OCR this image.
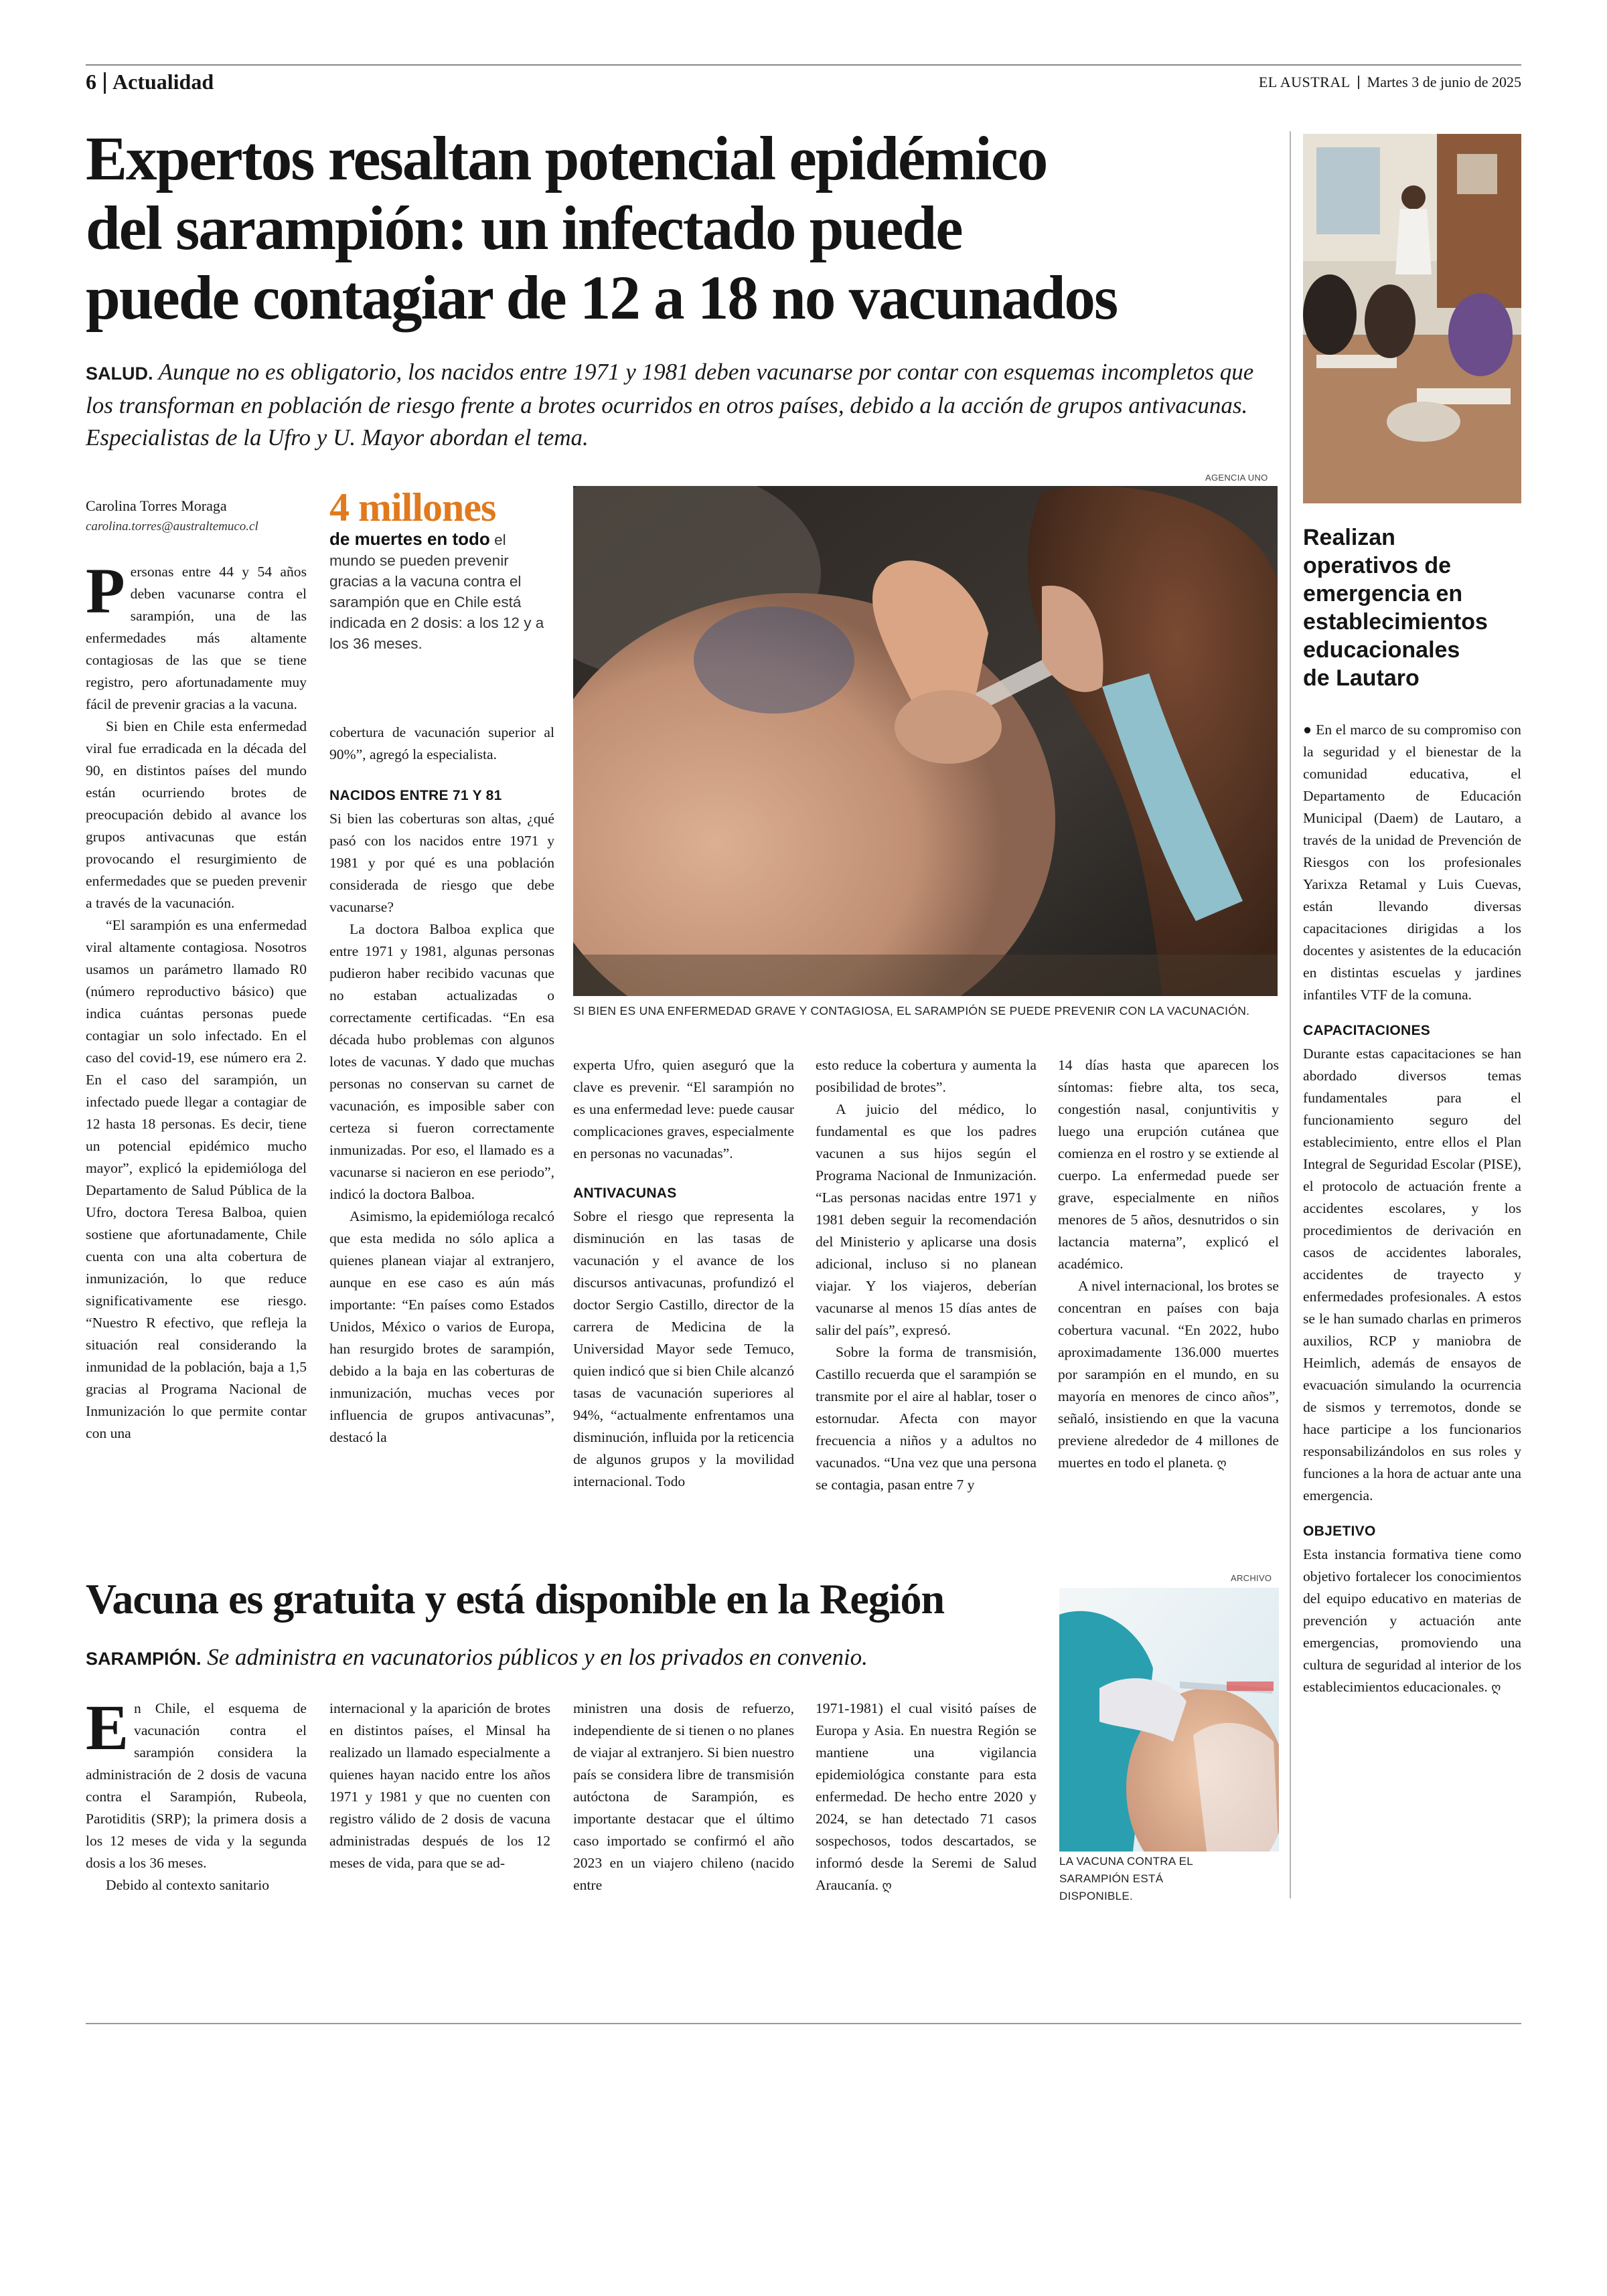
6 Actualidad	EL AUSTRAL Martes 3 de junio de 2025
Expertos resaltan potencial epidémico
del sarampión: un infectado puede
puede contagiar de 12 a 18 no vacunados
SALUD. Aunque no es obligatorio, los nacidos entre 1971 y 1981 deben vacunarse por contar con esquemas incompletos que los transforman en población de riesgo frente a brotes ocurridos en otros países, debido a la acción de grupos antivacunas. Especialistas de la Ufro y U. Mayor abordan el tema.
Carolina Torres Moraga
carolina.torres@australtemuco.cl	4 millones
de muertes en todo el mundo se pueden prevenir gracias a la vacuna contra el sarampión que en Chile está indicada en 2 dosis: a los 12 y a los 36 meses.
AGENCIA UNO
SI BIEN ES UNA ENFERMEDAD GRAVE Y CONTAGIOSA, EL SARAMPIÓN SE PUEDE PREVENIR CON LA VACUNACIÓN.

Personas entre 44 y 54 años deben vacunarse contra el sarampión, una de las enfermedades más altamente contagiosas de las que se tiene registro, pero afortunadamente muy fácil de prevenir gracias a la vacuna.

Si bien en Chile esta enfermedad viral fue erradicada en la década del 90, en distintos países del mundo están ocurriendo brotes de preocupación debido al avance los grupos antivacunas que están provocando el resurgimiento de enfermedades que se pueden prevenir a través de la vacunación.

“El sarampión es una enfermedad viral altamente contagiosa. Nosotros usamos un parámetro llamado R0 (número reproductivo básico) que indica cuántas personas puede contagiar un solo infectado. En el caso del covid-19, ese número era 2. En el caso del sarampión, un infectado puede llegar a contagiar de 12 hasta 18 personas. Es decir, tiene un potencial epidémico mucho mayor”, explicó la epidemióloga del Departamento de Salud Pública de la Ufro, doctora Teresa Balboa, quien sostiene que afortunadamente, Chile cuenta con una alta cobertura de inmunización, lo que reduce significativamente ese riesgo. “Nuestro R efectivo, que refleja la situación real considerando la inmunidad de la población, baja a 1,5 gracias al Programa Nacional de Inmunización lo que permite contar con una

cobertura de vacunación superior al 90%”, agregó la especialista.

NACIDOS ENTRE 71 Y 81

Si bien las coberturas son altas, ¿qué pasó con los nacidos entre 1971 y 1981 y por qué es una población considerada de riesgo que debe vacunarse?

La doctora Balboa explica que entre 1971 y 1981, algunas personas pudieron haber recibido vacunas que no estaban actualizadas o correctamente certificadas. “En esa década hubo problemas con algunos lotes de vacunas. Y dado que muchas personas no conservan su carnet de vacunación, es imposible saber con certeza si fueron correctamente inmunizadas. Por eso, el llamado es a vacunarse si nacieron en ese periodo”, indicó la doctora Balboa.

Asimismo, la epidemióloga recalcó que esta medida no sólo aplica a quienes planean viajar al extranjero, aunque en ese caso es aún más importante: “En países como Estados Unidos, México o varios de Europa, han resurgido brotes de sarampión, debido a la baja en las coberturas de inmunización, muchas veces por influencia de grupos antivacunas”, destacó la

experta Ufro, quien aseguró que la clave es prevenir. “El sarampión no es una enfermedad leve: puede causar complicaciones graves, especialmente en personas no vacunadas”.

ANTIVACUNAS

Sobre el riesgo que representa la disminución en las tasas de vacunación y el avance de los discursos antivacunas, profundizó el doctor Sergio Castillo, director de la carrera de Medicina de la Universidad Mayor sede Temuco, quien indicó que si bien Chile alcanzó tasas de vacunación superiores al 94%, “actualmente enfrentamos una disminución, influida por la reticencia de algunos grupos y la movilidad internacional. Todo

esto reduce la cobertura y aumenta la posibilidad de brotes”.

A juicio del médico, lo fundamental es que los padres vacunen a sus hijos según el Programa Nacional de Inmunización. “Las personas nacidas entre 1971 y 1981 deben seguir la recomendación del Ministerio y aplicarse una dosis adicional, incluso si no planean viajar. Y los viajeros, deberían vacunarse al menos 15 días antes de salir del país”, expresó.

Sobre la forma de transmisión, Castillo recuerda que el sarampión se transmite por el aire al hablar, toser o estornudar. Afecta con mayor frecuencia a niños y a adultos no vacunados. “Una vez que una persona se contagia, pasan entre 7 y

14 días hasta que aparecen los síntomas: fiebre alta, tos seca, congestión nasal, conjuntivitis y luego una erupción cutánea que comienza en el rostro y se extiende al cuerpo. La enfermedad puede ser grave, especialmente en niños menores de 5 años, desnutridos o sin lactancia materna”, explicó el académico.

A nivel internacional, los brotes se concentran en países con baja cobertura vacunal. “En 2022, hubo aproximadamente 136.000 muertes por sarampión en el mundo, en su mayoría en menores de cinco años”, señaló, insistiendo en que la vacuna previene alrededor de 4 millones de muertes en todo el planeta. ღ

Vacuna es gratuita y está disponible en la Región
SARAMPIÓN. Se administra en vacunatorios públicos y en los privados en convenio.

En Chile, el esquema de vacunación contra el sarampión considera la administración de 2 dosis de vacuna contra el Sarampión, Rubeola, Parotiditis (SRP); la primera dosis a los 12 meses de vida y la segunda dosis a los 36 meses.

Debido al contexto sanitario

internacional y la aparición de brotes en distintos países, el Minsal ha realizado un llamado especialmente a quienes hayan nacido entre los años 1971 y 1981 y que no cuenten con registro válido de 2 dosis de vacuna administradas después de los 12 meses de vida, para que se ad-

ministren una dosis de refuerzo, independiente de si tienen o no planes de viajar al extranjero. Si bien nuestro país se considera libre de transmisión autóctona de Sarampión, es importante destacar que el último caso importado se confirmó el año 2023 en un viajero chileno (nacido entre

1971-1981) el cual visitó países de Europa y Asia. En nuestra Región se mantiene una vigilancia epidemiológica constante para esta enfermedad. De hecho entre 2020 y 2024, se han detectado 71 casos sospechosos, todos descartados, se informó desde la Seremi de Salud Araucanía. ღ

ARCHIVO
LA VACUNA CONTRA EL SARAMPIÓN ESTÁ DISPONIBLE.
Realizan
operativos de
emergencia en
establecimientos
educacionales
de Lautaro

● En el marco de su compromiso con la seguridad y el bienestar de la comunidad educativa, el Departamento de Educación Municipal (Daem) de Lautaro, a través de la unidad de Prevención de Riesgos con los profesionales Yarixza Retamal y Luis Cuevas, están llevando diversas capacitaciones dirigidas a los docentes y asistentes de la educación en distintas escuelas y jardines infantiles VTF de la comuna.

CAPACITACIONES

Durante estas capacitaciones se han abordado diversos temas fundamentales para el funcionamiento seguro del establecimiento, entre ellos el Plan Integral de Seguridad Escolar (PISE), el protocolo de actuación frente a accidentes escolares, y los procedimientos de derivación en casos de accidentes laborales, accidentes de trayecto y enfermedades profesionales. A estos se le han sumado charlas en primeros auxilios, RCP y maniobra de Heimlich, además de ensayos de evacuación simulando la ocurrencia de sismos y terremotos, donde se hace participe a los funcionarios responsabilizándolos en sus roles y funciones a la hora de actuar ante una emergencia.

OBJETIVO

Esta instancia formativa tiene como objetivo fortalecer los conocimientos del equipo educativo en materias de prevención y actuación ante emergencias, promoviendo una cultura de seguridad al interior de los establecimientos educacionales. ღ
